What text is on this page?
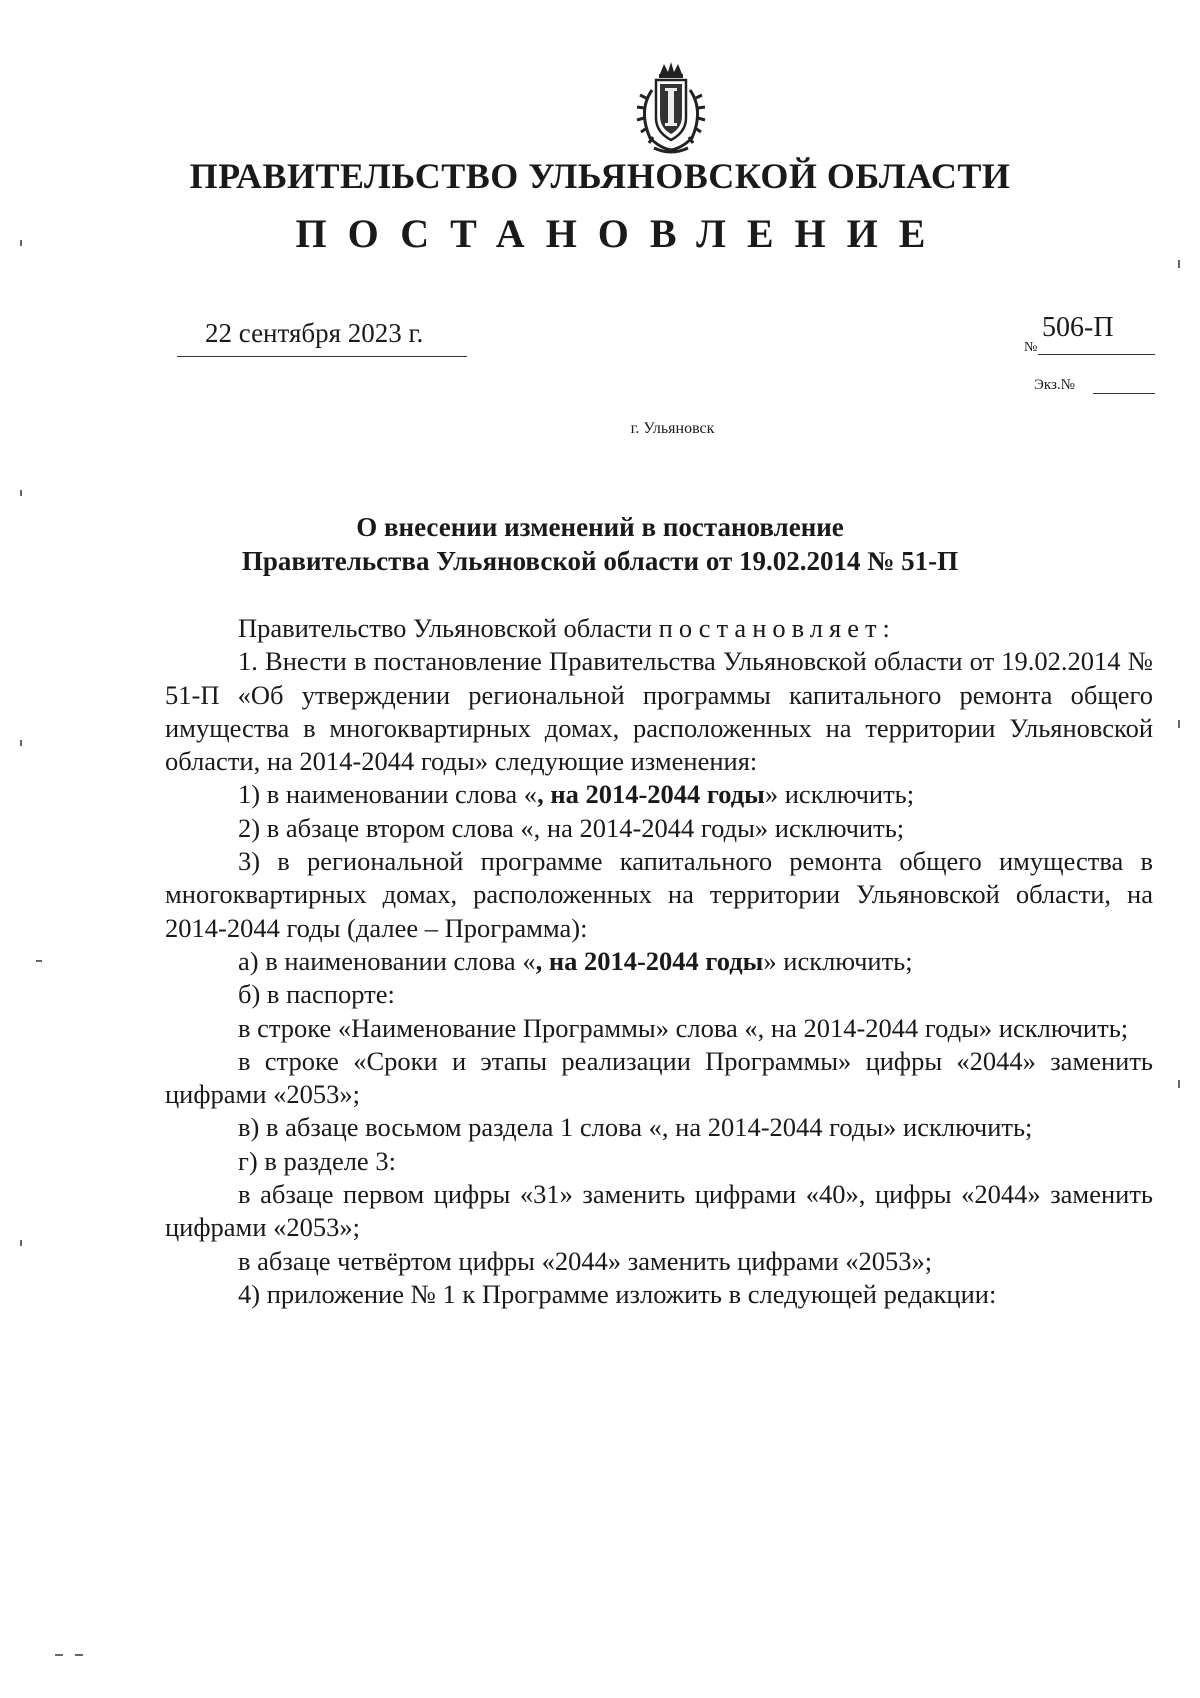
ПРАВИТЕЛЬСТВО УЛЬЯНОВСКОЙ ОБЛАСТИ
ПОСТАНОВЛЕНИЕ
22 сентября 2023 г.	№
506-П
Экз.№
г. Ульяновск
О внесении изменений в постановление
Правительства Ульяновской области от 19.02.2014 № 51-П

Правительство Ульяновской области постановляет:

1. Внести в постановление Правительства Ульяновской области от 19.02.2014 № 51-П «Об утверждении региональной программы капитального ремонта общего имущества в многоквартирных домах, расположенных на территории Ульяновской области, на 2014-2044 годы» следующие изменения:

1) в наименовании слова «, на 2014-2044 годы» исключить;

2) в абзаце втором слова «, на 2014-2044 годы» исключить;

3) в региональной программе капитального ремонта общего имущества в многоквартирных домах, расположенных на территории Ульяновской области, на 2014-2044 годы (далее – Программа):

а) в наименовании слова «, на 2014-2044 годы» исключить;

б) в паспорте:

в строке «Наименование Программы» слова «, на 2014-2044 годы» исключить;

в строке «Сроки и этапы реализации Программы» цифры «2044» заменить цифрами «2053»;

в) в абзаце восьмом раздела 1 слова «, на 2014-2044 годы» исключить;

г) в разделе 3:

в абзаце первом цифры «31» заменить цифрами «40», цифры «2044» заменить цифрами «2053»;

в абзаце четвёртом цифры «2044» заменить цифрами «2053»;

4) приложение № 1 к Программе изложить в следующей редакции:
